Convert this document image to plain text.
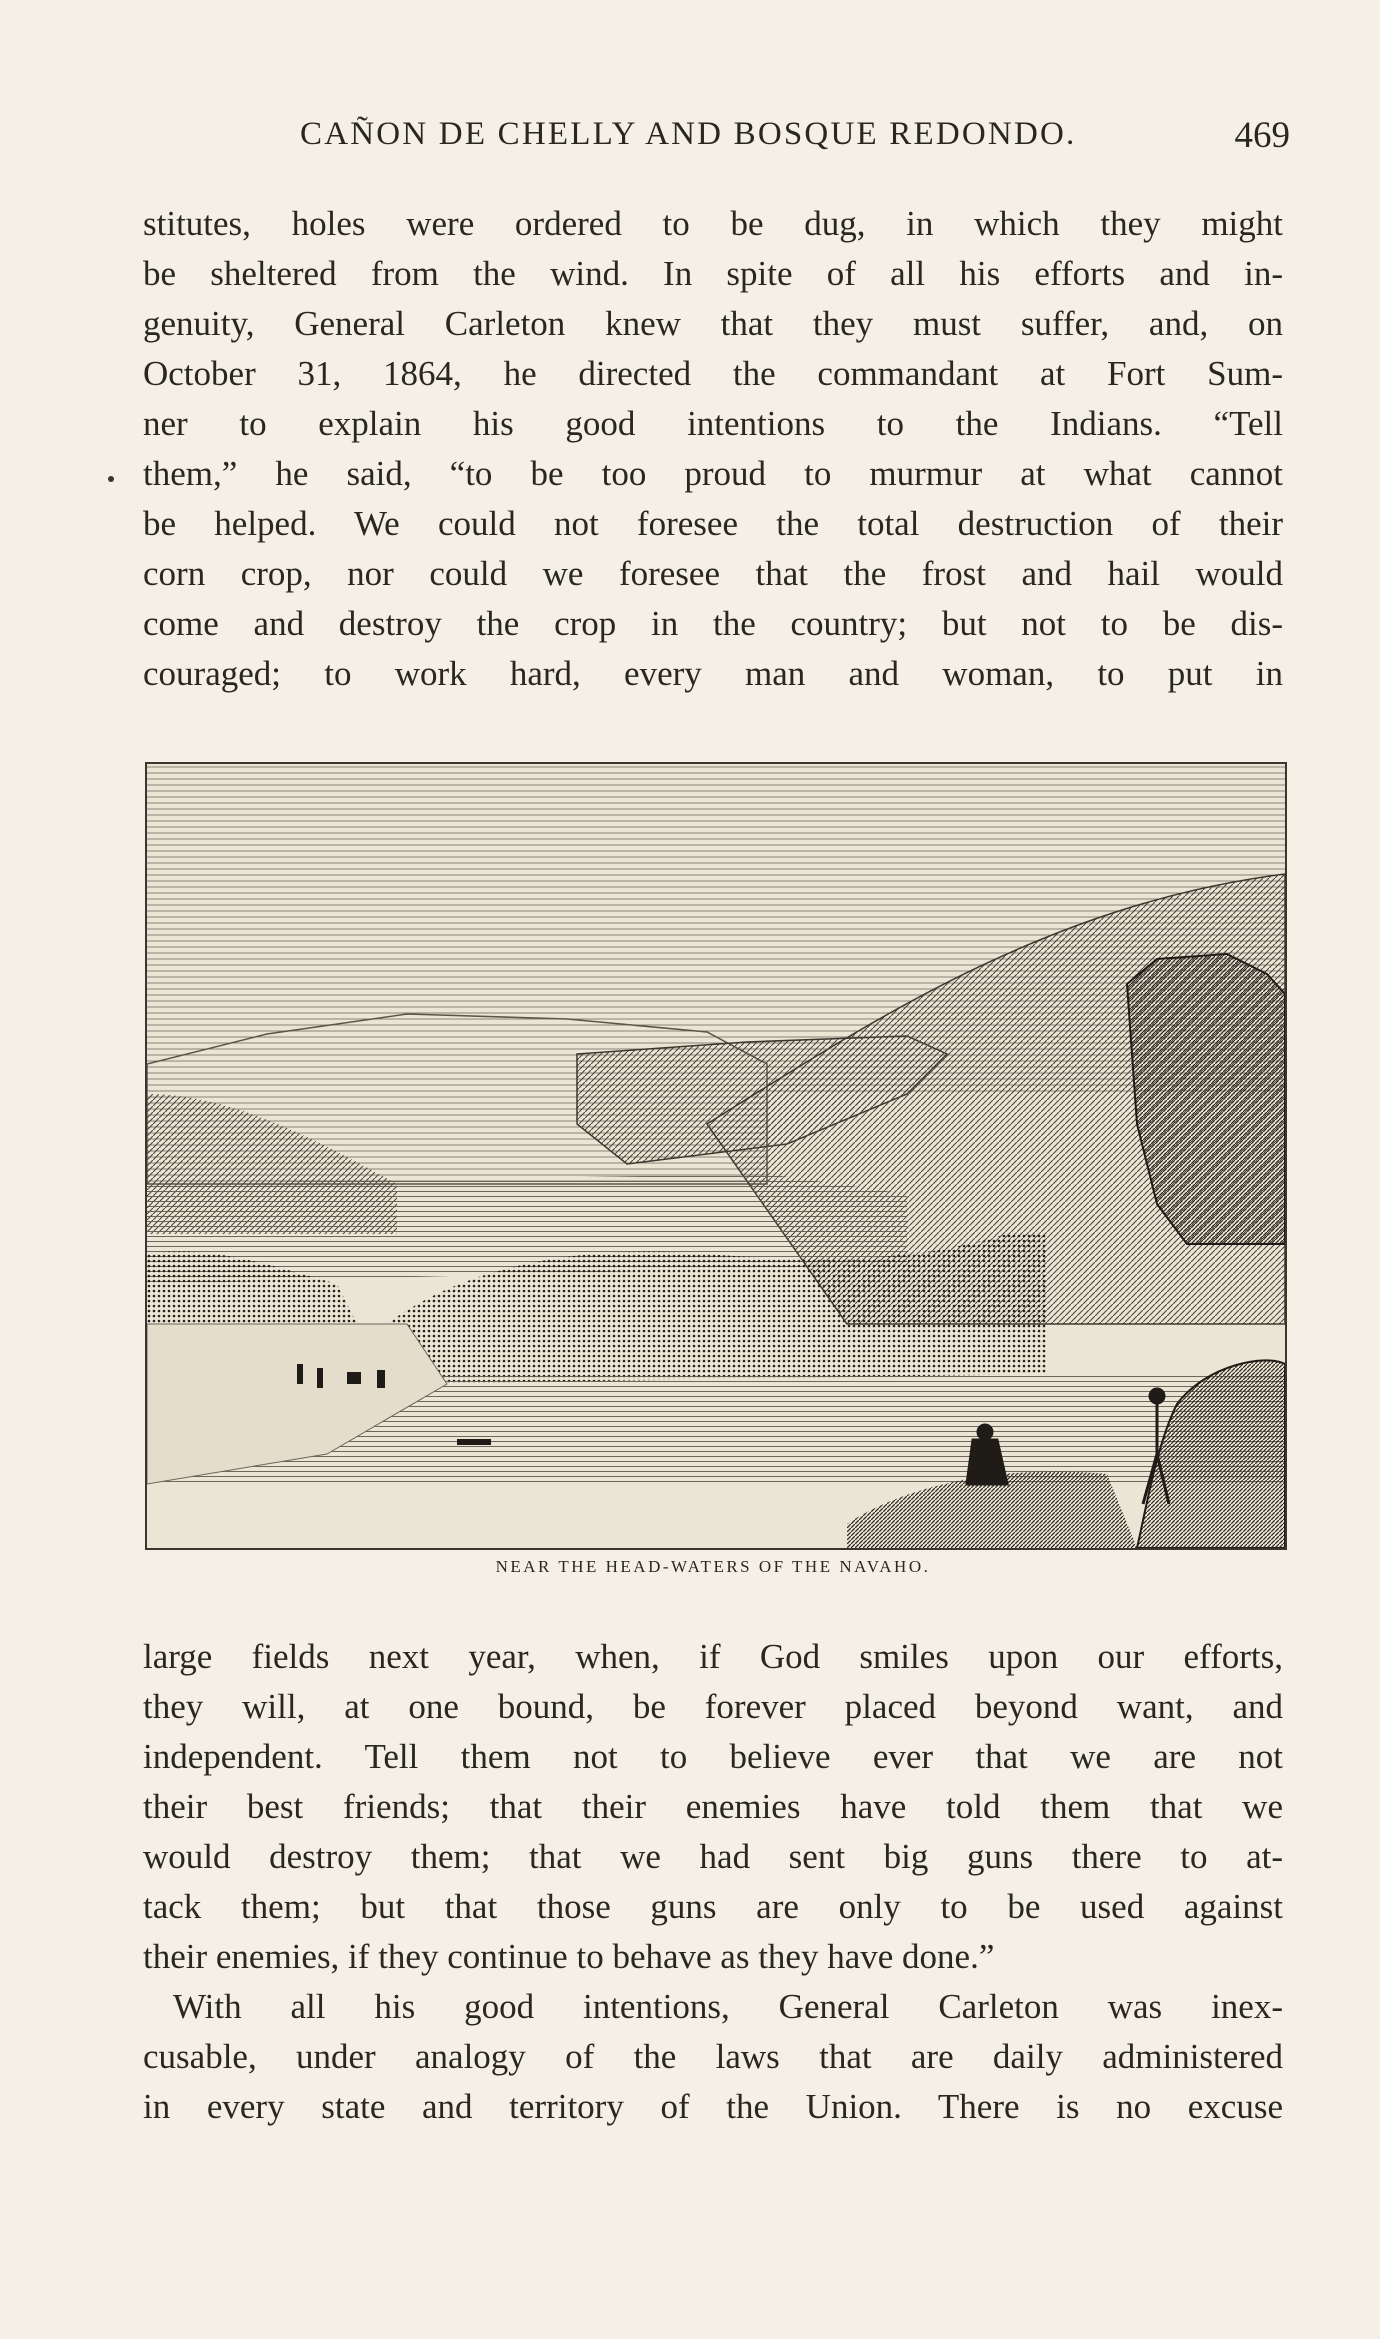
CAÑON DE CHELLY AND BOSQUE REDONDO.	469
stitutes, holes were ordered to be dug, in which they might
be sheltered from the wind. In spite of all his efforts and in-
genuity, General Carleton knew that they must suffer, and, on
October 31, 1864, he directed the commandant at Fort Sum-
ner to explain his good intentions to the Indians. “Tell
them,” he said, “to be too proud to murmur at what cannot
be helped. We could not foresee the total destruction of their
corn crop, nor could we foresee that the frost and hail would
come and destroy the crop in the country; but not to be dis-
couraged; to work hard, every man and woman, to put in
NEAR THE HEAD-WATERS OF THE NAVAHO.
large fields next year, when, if God smiles upon our efforts,
they will, at one bound, be forever placed beyond want, and
independent. Tell them not to believe ever that we are not
their best friends; that their enemies have told them that we
would destroy them; that we had sent big guns there to at-
tack them; but that those guns are only to be used against
their enemies, if they continue to behave as they have done.”
With all his good intentions, General Carleton was inex-
cusable, under analogy of the laws that are daily administered
in every state and territory of the Union. There is no excuse
